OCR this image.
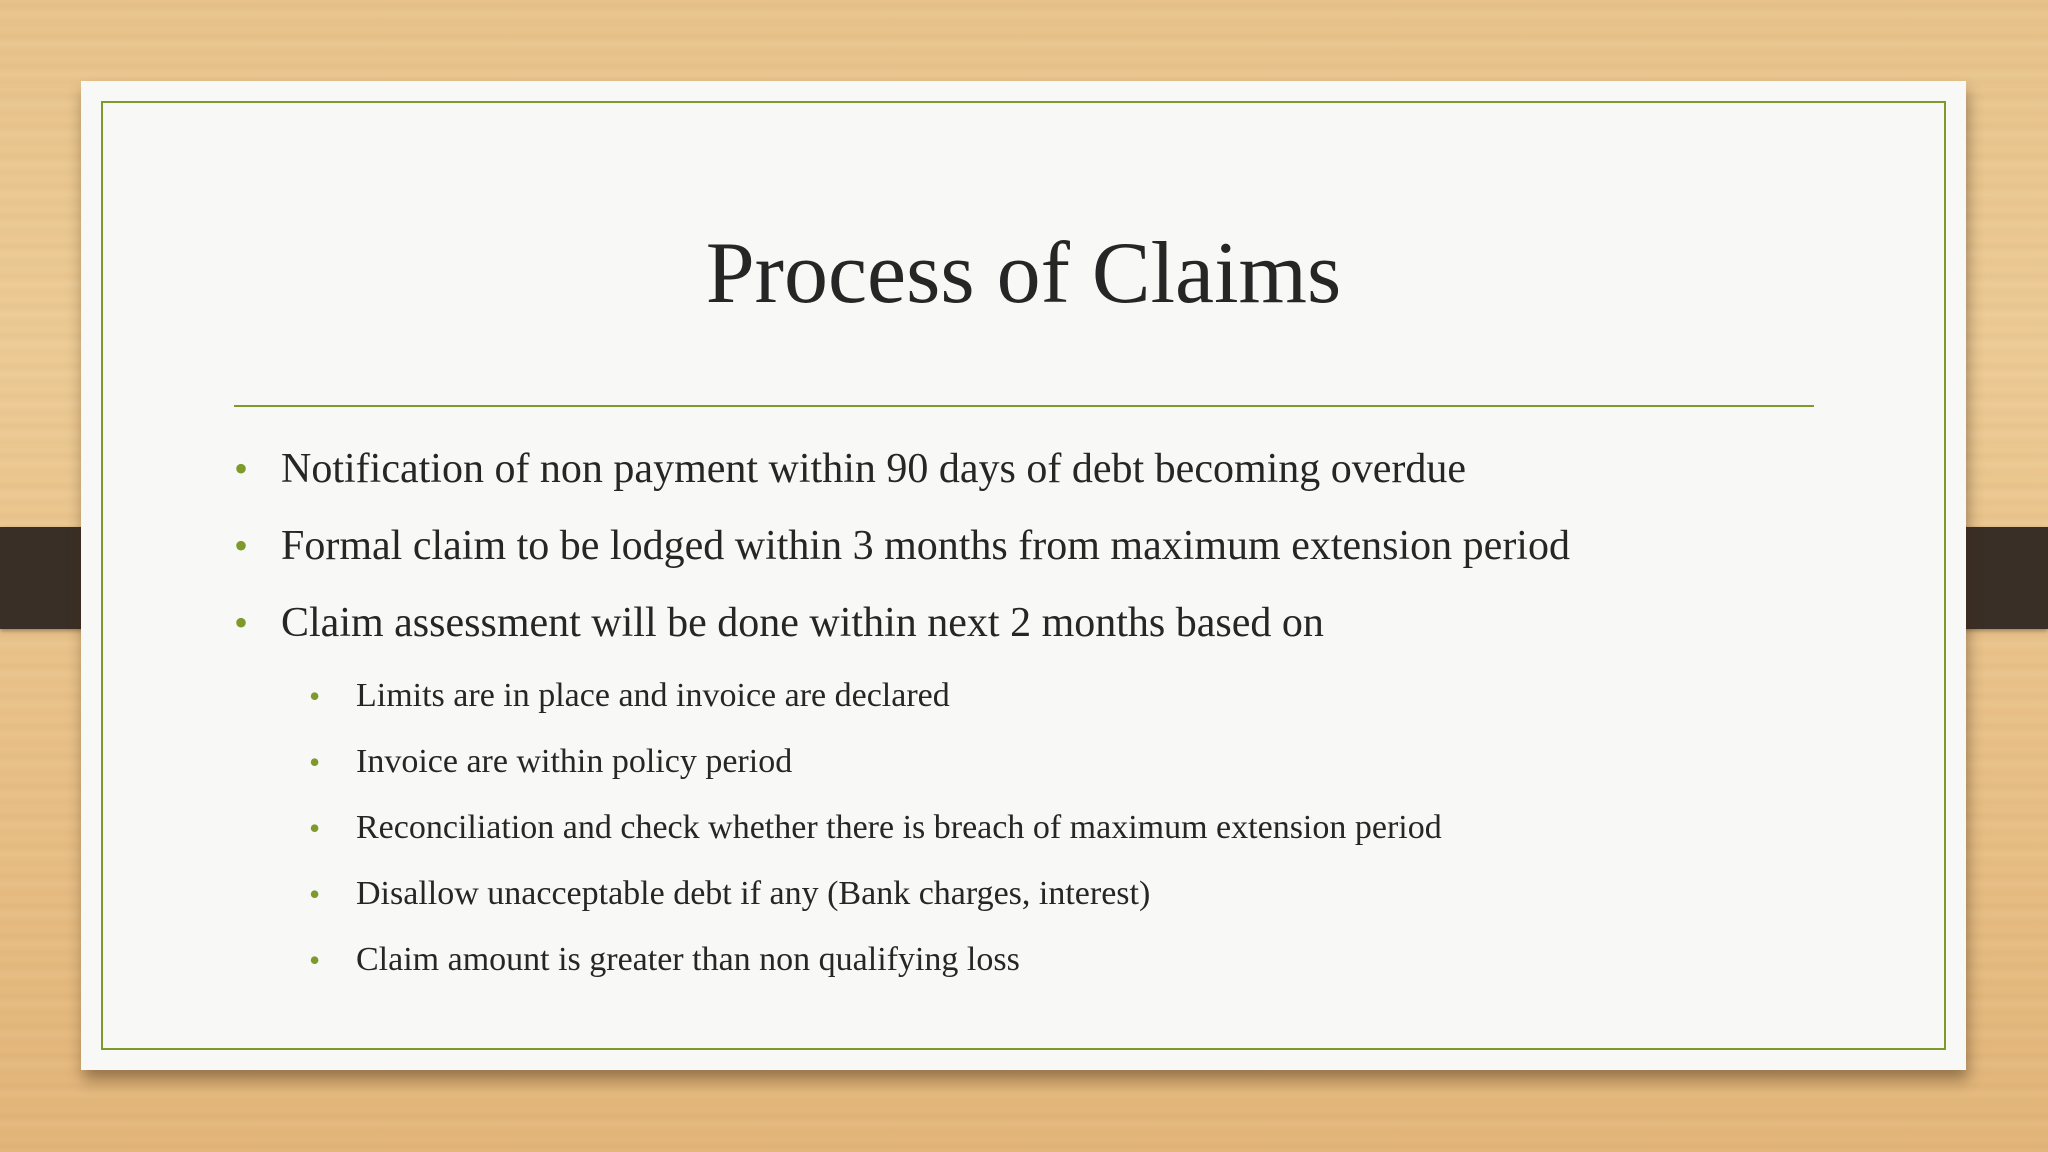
Process of Claims
• Notification of non payment within 90 days of debt becoming overdue
• Formal claim to be lodged within 3 months from maximum extension period
• Claim assessment will be done within next 2 months based on
• Limits are in place and invoice are declared
• Invoice are within policy period
• Reconciliation and check whether there is breach of maximum extension period
• Disallow unacceptable debt if any (Bank charges, interest)
• Claim amount is greater than non qualifying loss
